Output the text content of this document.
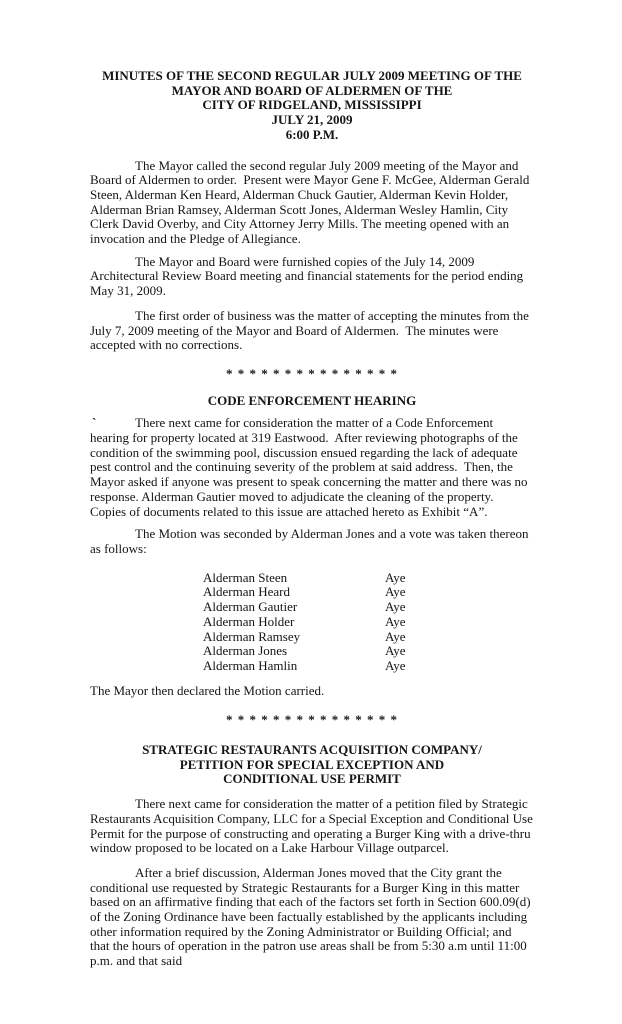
MINUTES OF THE SECOND REGULAR JULY 2009 MEETING OF THE
MAYOR AND BOARD OF ALDERMEN OF THE
CITY OF RIDGELAND, MISSISSIPPI
JULY 21, 2009
6:00 P.M.

The Mayor called the second regular July 2009 meeting of the Mayor and Board of Aldermen to order.  Present were Mayor Gene F. McGee, Alderman Gerald Steen, Alderman Ken Heard, Alderman Chuck Gautier, Alderman Kevin Holder, Alderman Brian Ramsey, Alderman Scott Jones, Alderman Wesley Hamlin, City Clerk David Overby, and City Attorney Jerry Mills. The meeting opened with an invocation and the Pledge of Allegiance.

The Mayor and Board were furnished copies of the July 14, 2009 Architectural Review Board meeting and financial statements for the period ending May 31, 2009.

The first order of business was the matter of accepting the minutes from the July 7, 2009 meeting of the Mayor and Board of Aldermen.  The minutes were accepted with no corrections.

* * * * * * * * * * * * * * *
CODE ENFORCEMENT HEARING

`	There next came for consideration the matter of a Code Enforcement hearing for property located at 319 Eastwood.  After reviewing photographs of the condition of the swimming pool, discussion ensued regarding the lack of adequate pest control and the continuing severity of the problem at said address.  Then, the Mayor asked if anyone was present to speak concerning the matter and there was no response. Alderman Gautier moved to adjudicate the cleaning of the property.  Copies of documents related to this issue are attached hereto as Exhibit “A”.

The Motion was seconded by Alderman Jones and a vote was taken thereon as follows:

Alderman Steen	Aye
Alderman Heard	Aye
Alderman Gautier	Aye
Alderman Holder	Aye
Alderman Ramsey	Aye
Alderman Jones	Aye
Alderman Hamlin	Aye

The Mayor then declared the Motion carried.

* * * * * * * * * * * * * * *
STRATEGIC RESTAURANTS ACQUISITION COMPANY/
PETITION FOR SPECIAL EXCEPTION AND
CONDITIONAL USE PERMIT

There next came for consideration the matter of a petition filed by Strategic Restaurants Acquisition Company, LLC for a Special Exception and Conditional Use Permit for the purpose of constructing and operating a Burger King with a drive-thru window proposed to be located on a Lake Harbour Village outparcel.

After a brief discussion, Alderman Jones moved that the City grant the conditional use requested by Strategic Restaurants for a Burger King in this matter based on an affirmative finding that each of the factors set forth in Section 600.09(d) of the Zoning Ordinance have been factually established by the applicants including other information required by the Zoning Administrator or Building Official; and that the hours of operation in the patron use areas shall be from 5:30 a.m until 11:00 p.m. and that said
